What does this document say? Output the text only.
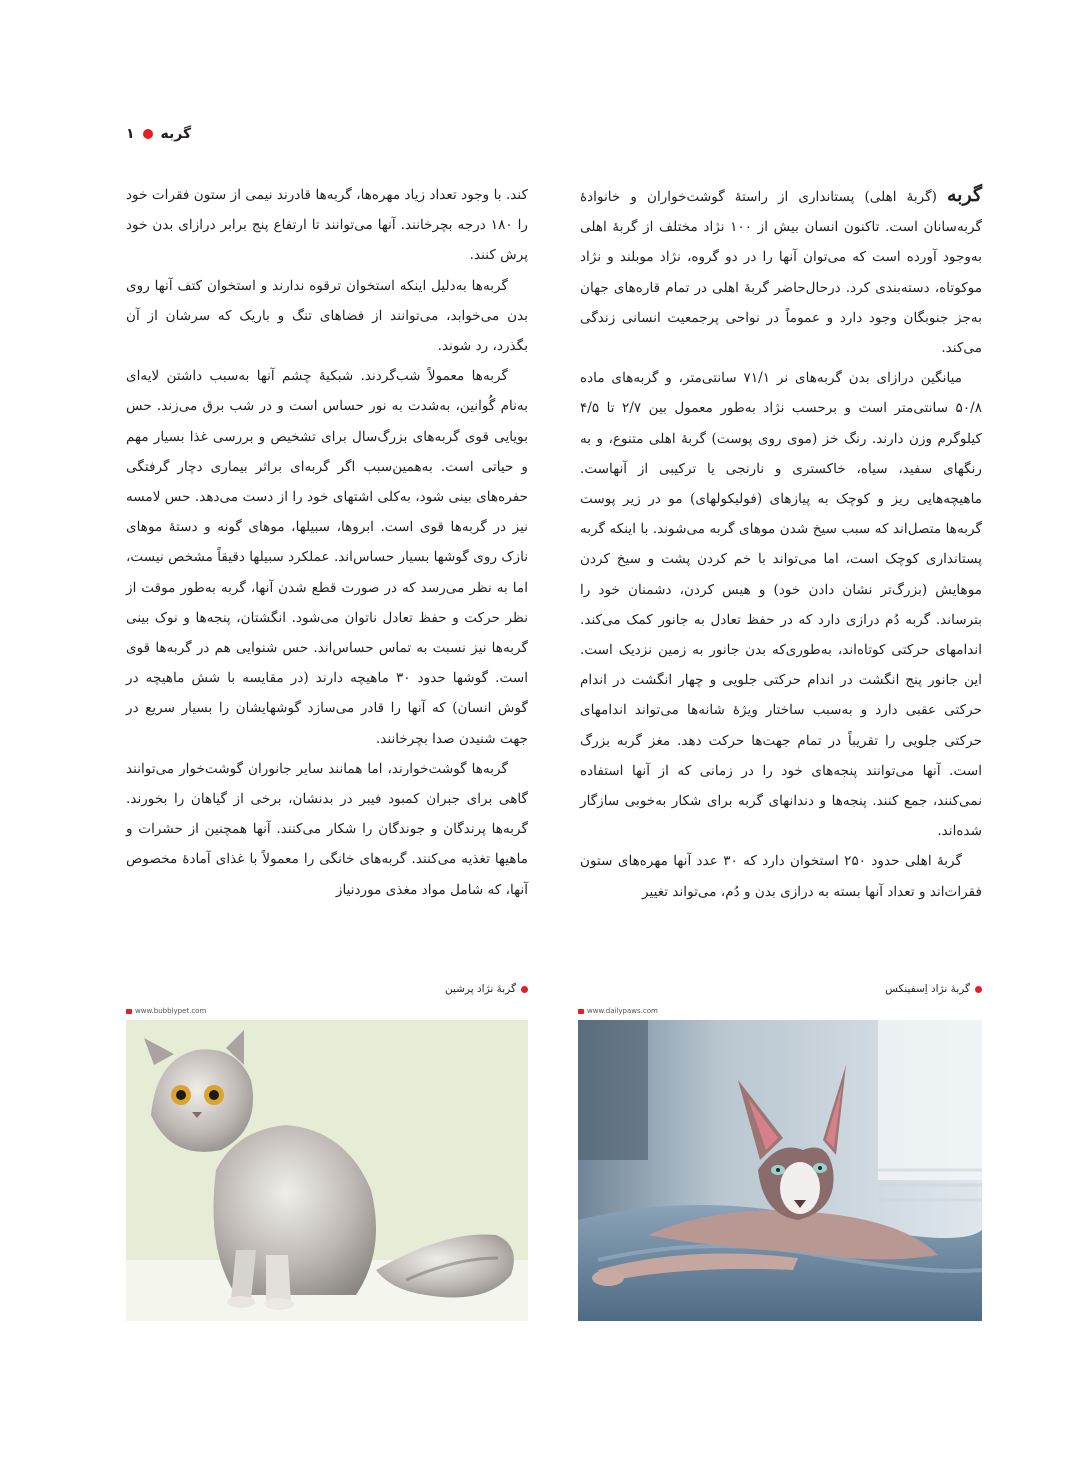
گربه
۱

گربه (گربهٔ اهلی) پستانداری از راستهٔ گوشت‌خواران و خانوادهٔ گربه‌سانان است. تاکنون انسان بیش از ۱۰۰ نژاد مختلف از گربهٔ اهلی به‌وجود آورده است که می‌توان آنها را در دو گروه، نژاد موبلند و نژاد موکوتاه، دسته‌بندی کرد. درحال‌حاضر گربهٔ اهلی در تمام قاره‌های جهان به‌جز جنوبگان وجود دارد و عموماً در نواحی پرجمعیت انسانی زندگی می‌کند.

میانگین درازای بدن گربه‌های نر ۷۱/۱ سانتی‌متر، و گربه‌های ماده ۵۰/۸ سانتی‌متر است و برحسب نژاد به‌طور معمول بین ۲/۷ تا ۴/۵ کیلوگرم وزن دارند. رنگ خز (موی روی پوست) گربهٔ اهلی متنوع، و به رنگهای سفید، سیاه، خاکستری و نارنجی یا ترکیبی از آنهاست. ماهیچه‌هایی ریز و کوچک به پیازهای (فولیکولهای) مو در زیر پوست گربه‌ها متصل‌اند که سبب سیخ شدن موهای گربه می‌شوند. با اینکه گربه پستانداری کوچک است، اما می‌تواند با خم کردن پشت و سیخ کردن موهایش (بزرگ‌تر نشان دادن خود) و هیس کردن، دشمنان خود را بترساند. گربه دُم درازی دارد که در حفظ تعادل به جانور کمک می‌کند. اندامهای حرکتی کوتاه‌اند، به‌طوری‌که بدن جانور به زمین نزدیک است. این جانور پنج انگشت در اندام حرکتی جلویی و چهار انگشت در اندام حرکتی عقبی دارد و به‌سبب ساختار ویژهٔ شانه‌ها می‌تواند اندامهای حرکتی جلویی را تقریباً در تمام جهت‌ها حرکت دهد. مغز گربه بزرگ است. آنها می‌توانند پنجه‌های خود را در زمانی که از آنها استفاده نمی‌کنند، جمع کنند. پنجه‌ها و دندانهای گربه برای شکار به‌خوبی سازگار شده‌اند.

گربهٔ اهلی حدود ۲۵۰ استخوان دارد که ۳۰ عدد آنها مهره‌های ستون فقرات‌اند و تعداد آنها بسته به درازی بدن و دُم، می‌تواند تغییر

کند. با وجود تعداد زیاد مهره‌ها، گربه‌ها قادرند نیمی از ستون فقرات خود را ۱۸۰ درجه بچرخانند. آنها می‌توانند تا ارتفاع پنج برابر درازای بدن خود پرش کنند.

گربه‌ها به‌دلیل اینکه استخوان ترقوه ندارند و استخوان کتف آنها روی بدن می‌خوابد، می‌توانند از فضاهای تنگ و باریک که سرشان از آن بگذرد، رد شوند.

گربه‌ها معمولاً شب‌گردند. شبکیهٔ چشم آنها به‌سبب داشتن لایه‌ای به‌نام گُوانین، به‌شدت به نور حساس است و در شب برق می‌زند. حس بویایی قوی گربه‌های بزرگ‌سال برای تشخیص و بررسی غذا بسیار مهم و حیاتی است. به‌همین‌سبب اگر گربه‌ای براثر بیماری دچار گرفتگی حفره‌های بینی شود، به‌کلی اشتهای خود را از دست می‌دهد. حس لامسه نیز در گربه‌ها قوی است. ابروها، سبیلها، موهای گونه و دستهٔ موهای نازک روی گوشها بسیار حساس‌اند. عملکرد سبیلها دقیقاً مشخص نیست، اما به نظر می‌رسد که در صورت قطع شدن آنها، گربه به‌طور موقت از نظر حرکت و حفظ تعادل ناتوان می‌شود. انگشتان، پنجه‌ها و نوک بینی گربه‌ها نیز نسبت به تماس حساس‌اند. حس شنوایی هم در گربه‌ها قوی است. گوشها حدود ۳۰ ماهیچه دارند (در مقایسه با شش ماهیچه در گوش انسان) که آنها را قادر می‌سازد گوشهایشان را بسیار سریع در جهت شنیدن صدا بچرخانند.

گربه‌ها گوشت‌خوارند، اما همانند سایر جانوران گوشت‌خوار می‌توانند گاهی برای جبران کمبود فیبر در بدنشان، برخی از گیاهان را بخورند. گربه‌ها پرندگان و جوندگان را شکار می‌کنند. آنها همچنین از حشرات و ماهیها تغذیه می‌کنند. گربه‌های خانگی را معمولاً با غذای آمادهٔ مخصوص آنها، که شامل مواد مغذی موردنیاز

گربهٔ نژاد اِسفینکس
گربهٔ نژاد پرشین
www.dailypaws.com
www.bubblypet.com
